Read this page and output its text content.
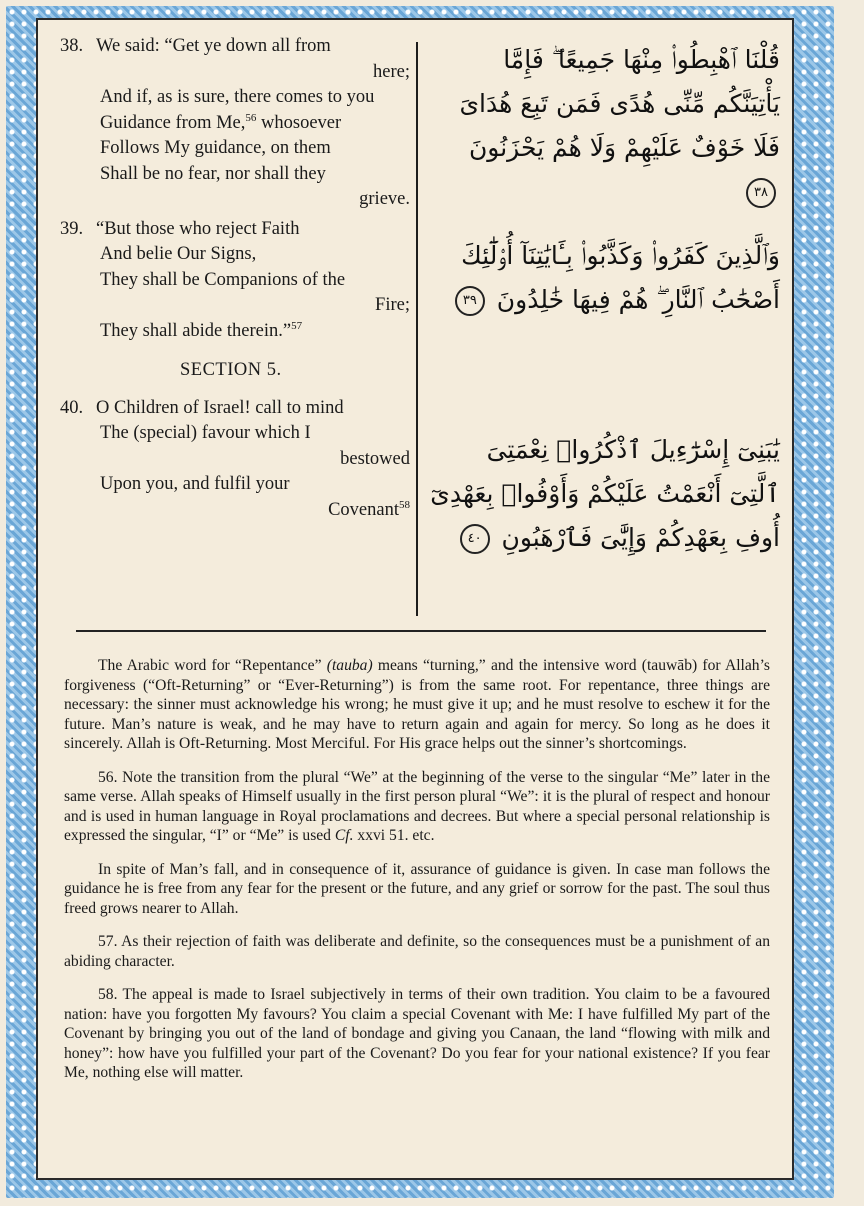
38. We said: “Get ye down all from
here;
And if, as is sure, there comes to you
Guidance from Me,$^{56}$ whosoever
Follows My guidance, on them
Shall be no fear, nor shall they
grieve.
39. “But those who reject Faith
And belie Our Signs,
They shall be Companions of the
Fire;
They shall abide therein.”$^{57}$
SECTION 5.
40. O Children of Israel! call to mind
The (special) favour which I
bestowed
Upon you, and fulfil your
Covenant$^{58}$
قُلْنَا ٱهْبِطُوا۟ مِنْهَا جَمِيعًا ۖ فَإِمَّا يَأْتِيَنَّكُم مِّنِّى هُدًى فَمَن تَبِعَ هُدَاىَ فَلَا خَوْفٌ عَلَيْهِمْ وَلَا هُمْ يَحْزَنُونَ ٣٨
وَٱلَّذِينَ كَفَرُوا۟ وَكَذَّبُوا۟ بِـَٔايَٰتِنَآ أُو۟لَٰٓئِكَ أَصْحَٰبُ ٱلنَّارِ ۖ هُمْ فِيهَا خَٰلِدُونَ ٣٩
يَٰبَنِىٓ إِسْرَٰٓءِيلَ ٱذْكُرُوا۟ نِعْمَتِىَ ٱلَّتِىٓ أَنْعَمْتُ عَلَيْكُمْ وَأَوْفُوا۟ بِعَهْدِىٓ أُوفِ بِعَهْدِكُمْ وَإِيَّٰىَ فَٱرْهَبُونِ ٤٠

The Arabic word for “Repentance” (tauba) means “turning,” and the intensive word (tauwāb) for Allah’s forgiveness (“Oft-Returning” or “Ever-Returning”) is from the same root. For repentance, three things are necessary: the sinner must acknowledge his wrong; he must give it up; and he must resolve to eschew it for the future. Man’s nature is weak, and he may have to return again and again for mercy. So long as he does it sincerely. Allah is Oft-Returning. Most Merciful. For His grace helps out the sinner’s shortcomings.

56. Note the transition from the plural “We” at the beginning of the verse to the singular “Me” later in the same verse. Allah speaks of Himself usually in the first person plural “We”: it is the plural of respect and honour and is used in human language in Royal proclamations and decrees. But where a special personal relationship is expressed the singular, “I” or “Me” is used Cf. xxvi 51. etc.

In spite of Man’s fall, and in consequence of it, assurance of guidance is given. In case man follows the guidance he is free from any fear for the present or the future, and any grief or sorrow for the past. The soul thus freed grows nearer to Allah.

57. As their rejection of faith was deliberate and definite, so the consequences must be a punishment of an abiding character.

58. The appeal is made to Israel subjectively in terms of their own tradition. You claim to be a favoured nation: have you forgotten My favours? You claim a special Covenant with Me: I have fulfilled My part of the Covenant by bringing you out of the land of bondage and giving you Canaan, the land “flowing with milk and honey”: how have you fulfilled your part of the Covenant? Do you fear for your national existence? If you fear Me, nothing else will matter.
